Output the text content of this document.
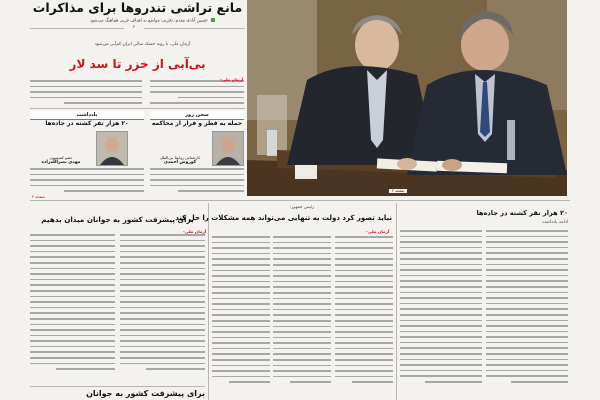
مانع تراشی تندروها برای مذاکرات
حسین آبادی مقدم، تخریب مواضع به اهداف غربی هماهنگ می‌شود
۳
آرمان ملی، با روند خشک سالی ایران کم‌آبی می‌شود
بی‌آبی از خزر تا سد لار
آرمان ملی-
صفحه ۲
سخن روز
حمله به قطر و فرار از محاکمه
کارشناس روابط بین‌الملل
کوروش احمدی
یادداشت
۲۰ هزار نفر کشته در جاده‌ها
عضو کمیسیون
مهدی نصرالله‌زاده
صفحه ۴
برای پیشرفت کشور به جوانان میدان بدهیم
آرمان ملی-
برای پیشرفت کشور به جوانان
رئیس جمهور:
نباید تصور کرد دولت به تنهایی می‌تواند همه مشکلات را حل کند
آرمان ملی-
۲۰ هزار نفر کشته در جاده‌ها
ادامه یادداشت
